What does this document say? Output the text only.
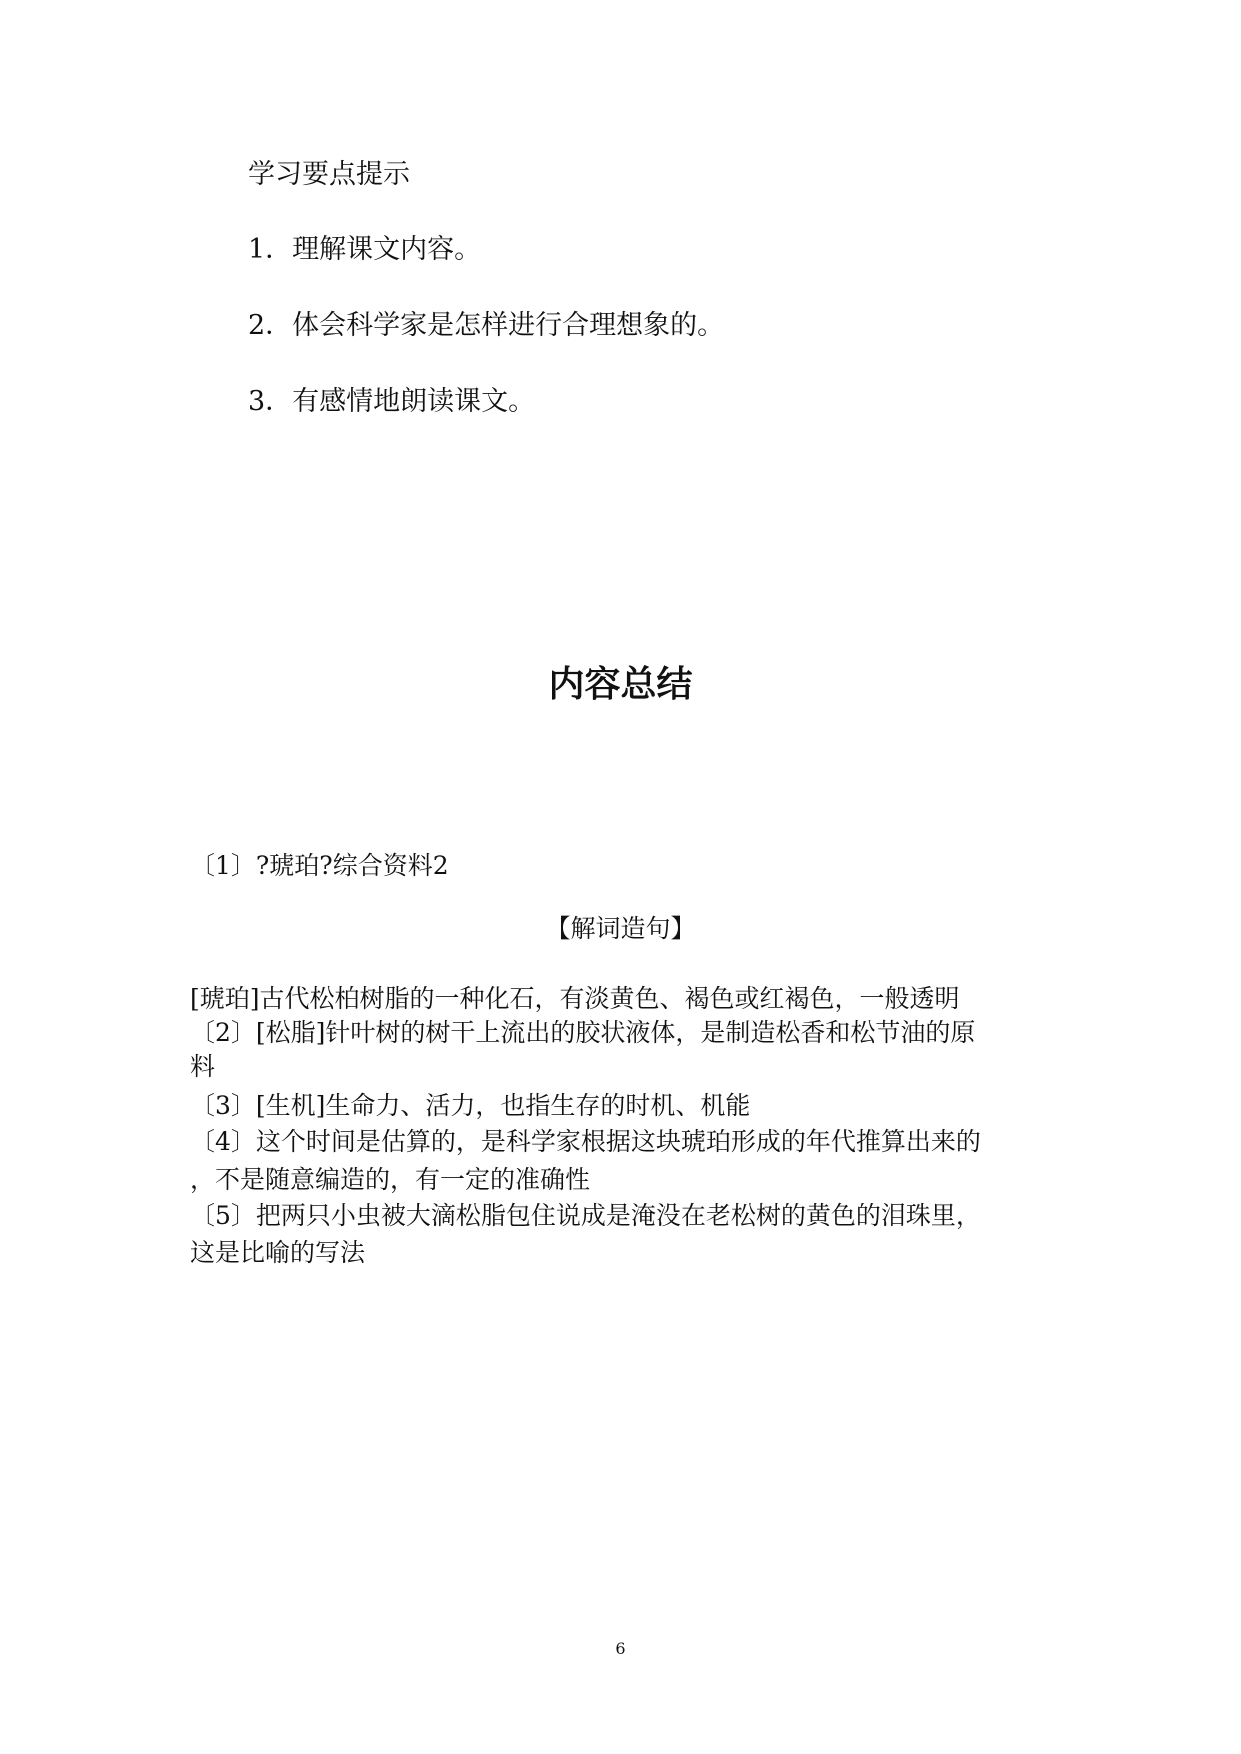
学习要点提示
1．理解课文内容。
2．体会科学家是怎样进行合理想象的。
3．有感情地朗读课文。
内容总结
〔1〕?琥珀?综合资料2
【解词造句】
[琥珀]古代松柏树脂的一种化石，有淡黄色、褐色或红褐色，一般透明
〔2〕[松脂]针叶树的树干上流出的胶状液体，是制造松香和松节油的原
料
〔3〕[生机]生命力、活力，也指生存的时机、机能
〔4〕这个时间是估算的，是科学家根据这块琥珀形成的年代推算出来的
，不是随意编造的，有一定的准确性
〔5〕把两只小虫被大滴松脂包住说成是淹没在老松树的黄色的泪珠里，
这是比喻的写法
6
